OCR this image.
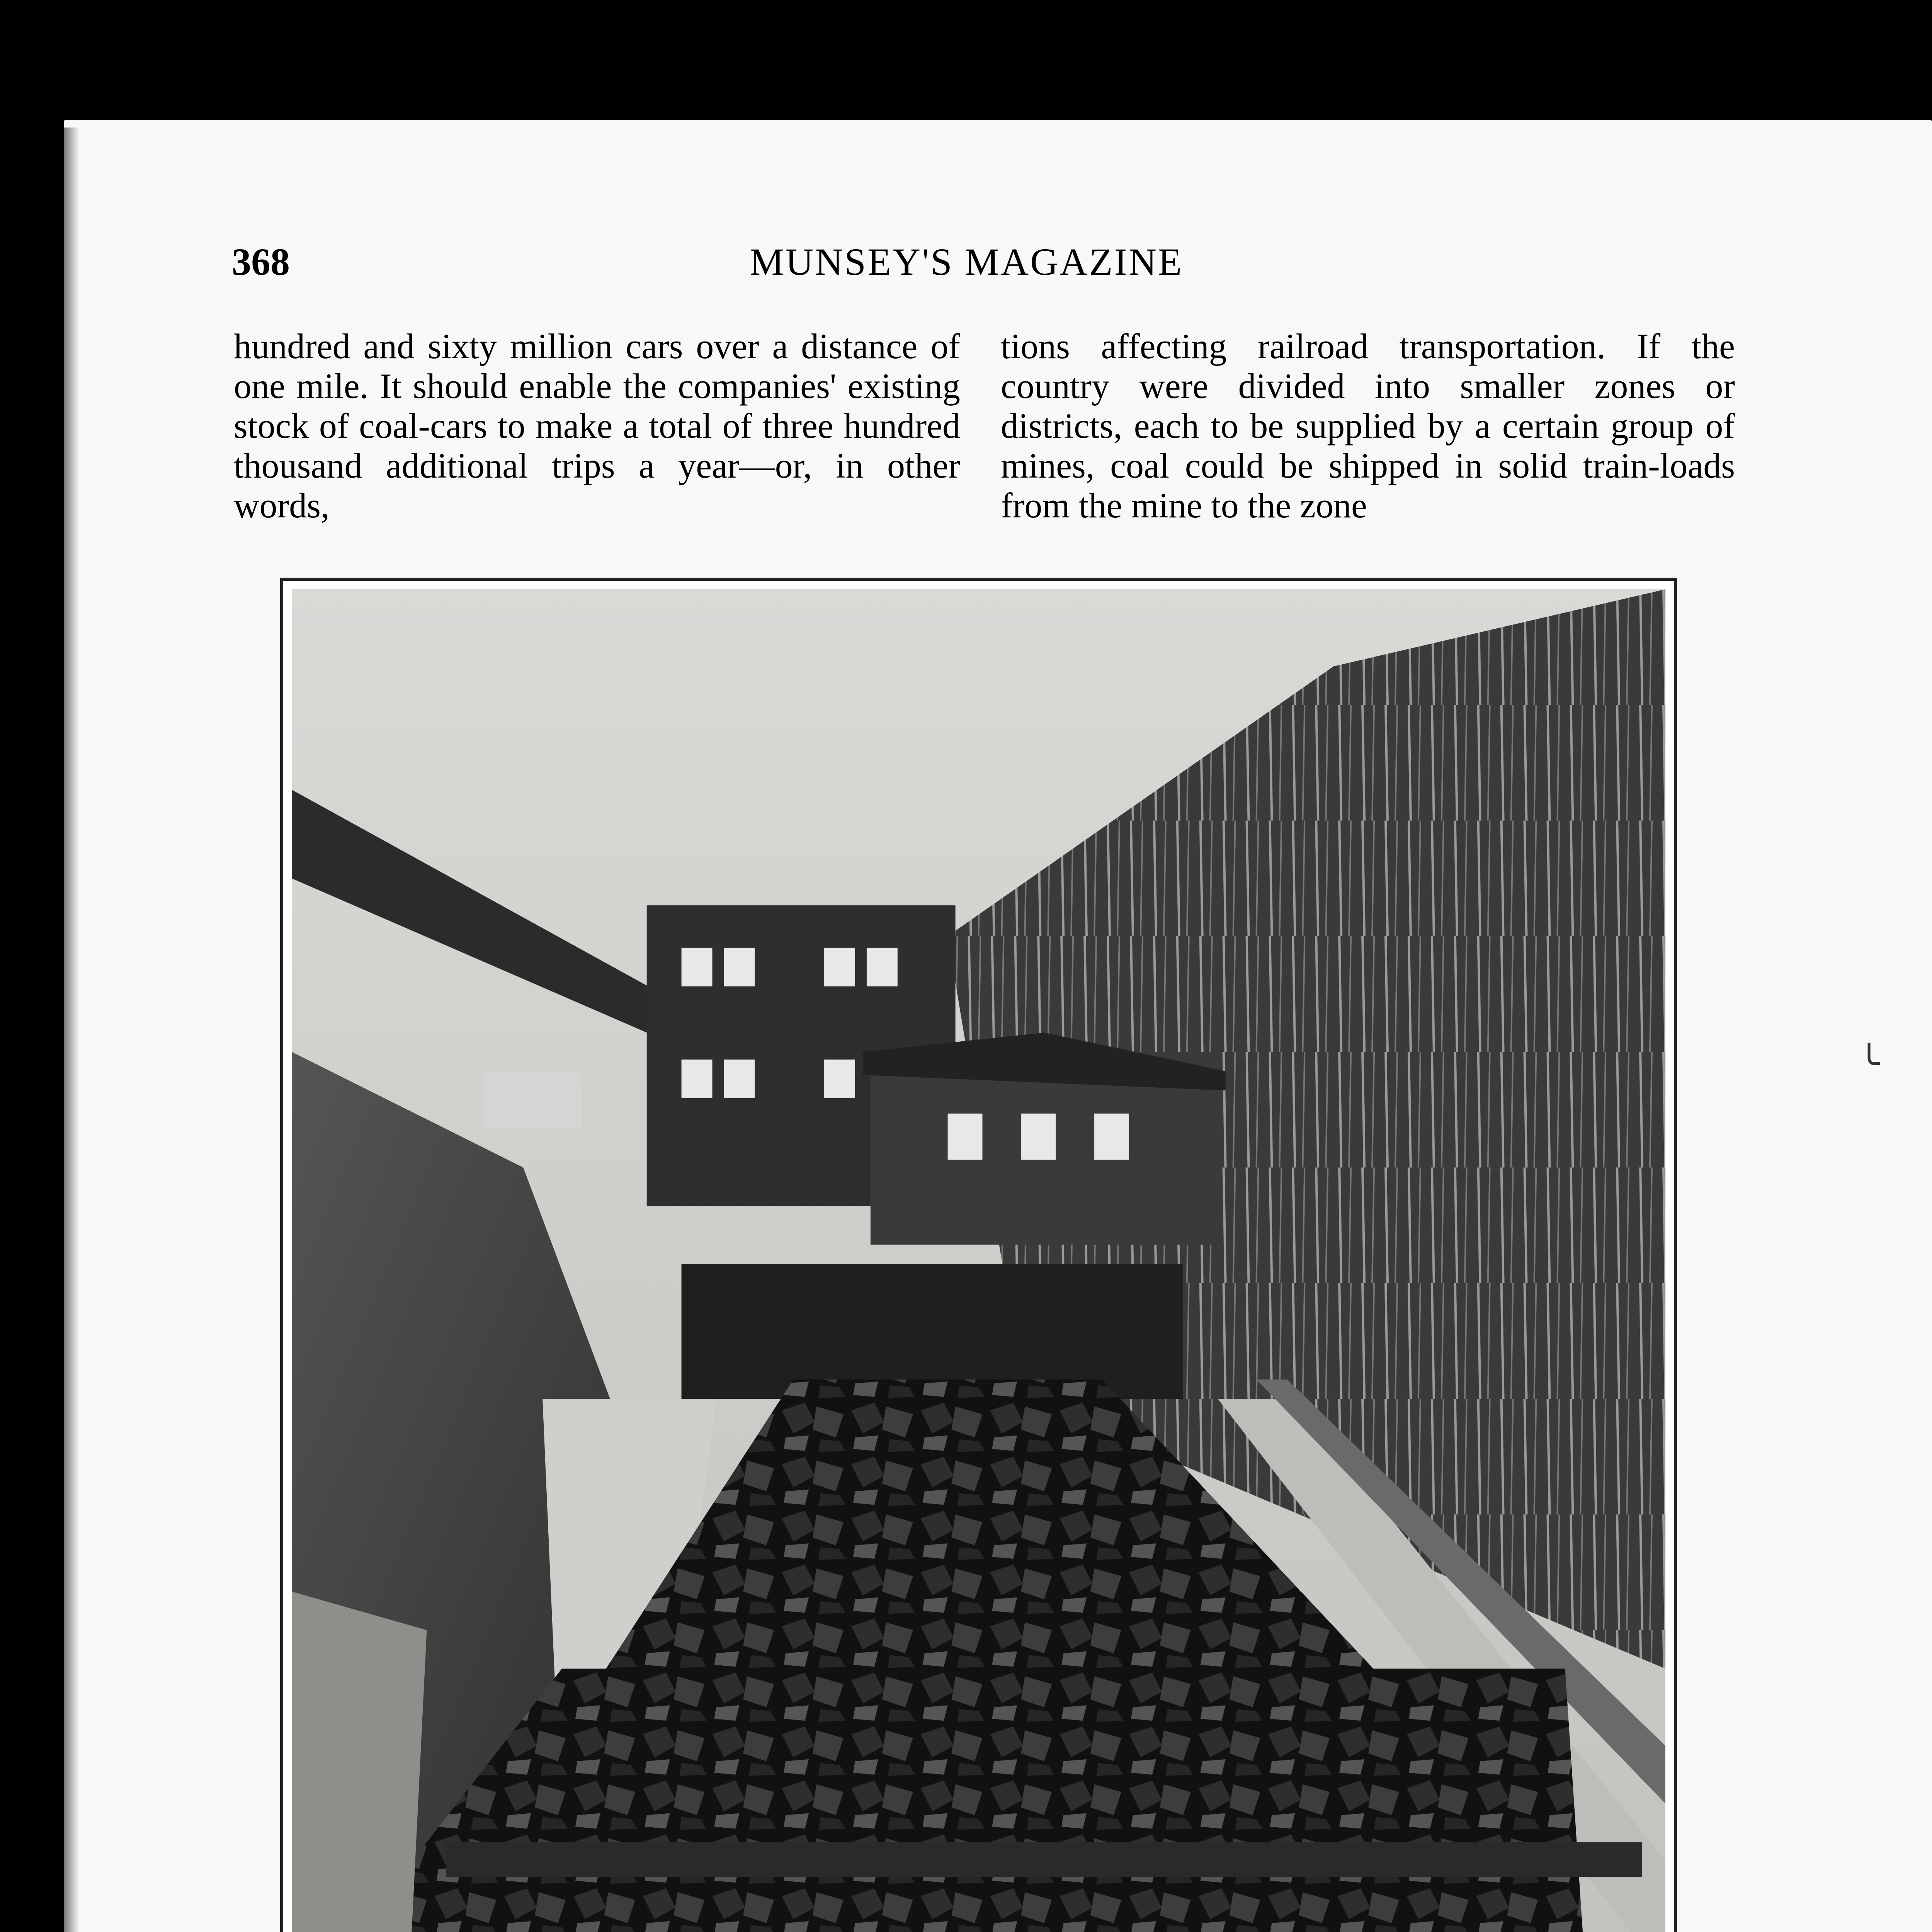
368	MUNSEY'S MAGAZINE

hundred and sixty million cars over a distance of one mile. It should enable the companies' existing stock of coal-cars to make a total of three hundred thousand additional trips a year—or, in other words,

tions affecting railroad transportation. If the country were divided into smaller zones or districts, each to be supplied by a certain group of mines, coal could be shipped in solid train-loads from the mine to the zone

╰
